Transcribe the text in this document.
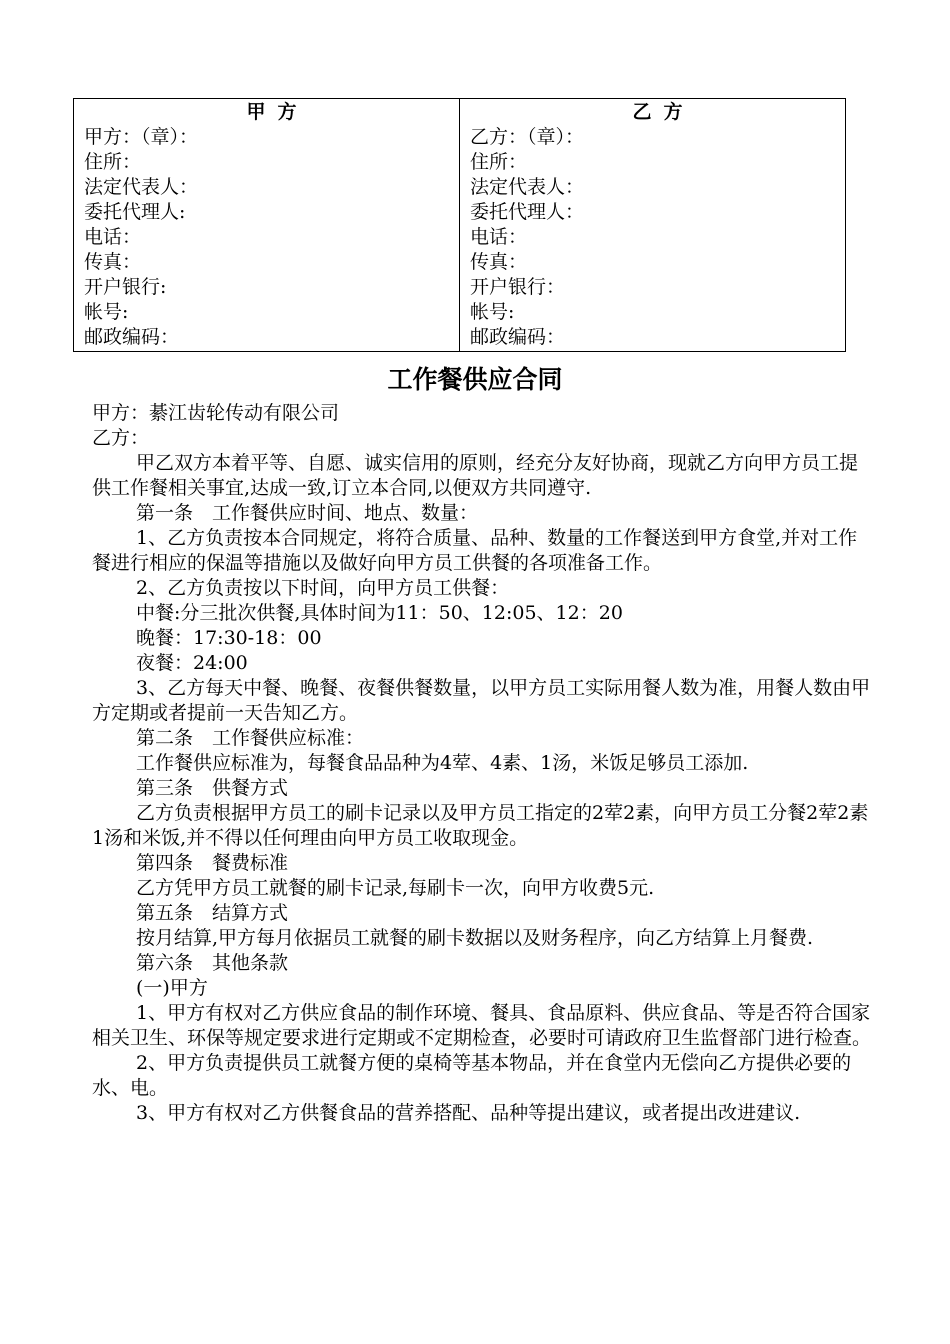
甲方
甲方：（章）：
住所：
法定代表人：
委托代理人:
电话：
传真：
开户银行:
帐号:
邮政编码：
乙方
乙方：（章）：
住所：
法定代表人：
委托代理人：
电话：
传真：
开户银行：
帐号:
邮政编码：
工作餐供应合同

甲方：綦江齿轮传动有限公司

乙方：

甲乙双方本着平等、自愿、诚实信用的原则，经充分友好协商，现就乙方向甲方员工提供工作餐相关事宜,达成一致,订立本合同,以便双方共同遵守.

第一条　工作餐供应时间、地点、数量：

1、乙方负责按本合同规定，将符合质量、品种、数量的工作餐送到甲方食堂,并对工作餐进行相应的保温等措施以及做好向甲方员工供餐的各项准备工作。

2、乙方负责按以下时间，向甲方员工供餐：

中餐:分三批次供餐,具体时间为11：50、12:05、12：20

晚餐：17:30-18：00

夜餐：24:00

3、乙方每天中餐、晚餐、夜餐供餐数量，以甲方员工实际用餐人数为准，用餐人数由甲方定期或者提前一天告知乙方。

第二条　工作餐供应标准：

工作餐供应标准为，每餐食品品种为4荤、4素、1汤，米饭足够员工添加.

第三条　供餐方式

乙方负责根据甲方员工的刷卡记录以及甲方员工指定的2荤2素，向甲方员工分餐2荤2素1汤和米饭,并不得以任何理由向甲方员工收取现金。

第四条　餐费标准

乙方凭甲方员工就餐的刷卡记录,每刷卡一次，向甲方收费5元.

第五条　结算方式

按月结算,甲方每月依据员工就餐的刷卡数据以及财务程序，向乙方结算上月餐费.

第六条　其他条款

(一)甲方

1、甲方有权对乙方供应食品的制作环境、餐具、食品原料、供应食品、等是否符合国家相关卫生、环保等规定要求进行定期或不定期检查，必要时可请政府卫生监督部门进行检查。

2、甲方负责提供员工就餐方便的桌椅等基本物品，并在食堂内无偿向乙方提供必要的水、电。

3、甲方有权对乙方供餐食品的营养搭配、品种等提出建议，或者提出改进建议.
